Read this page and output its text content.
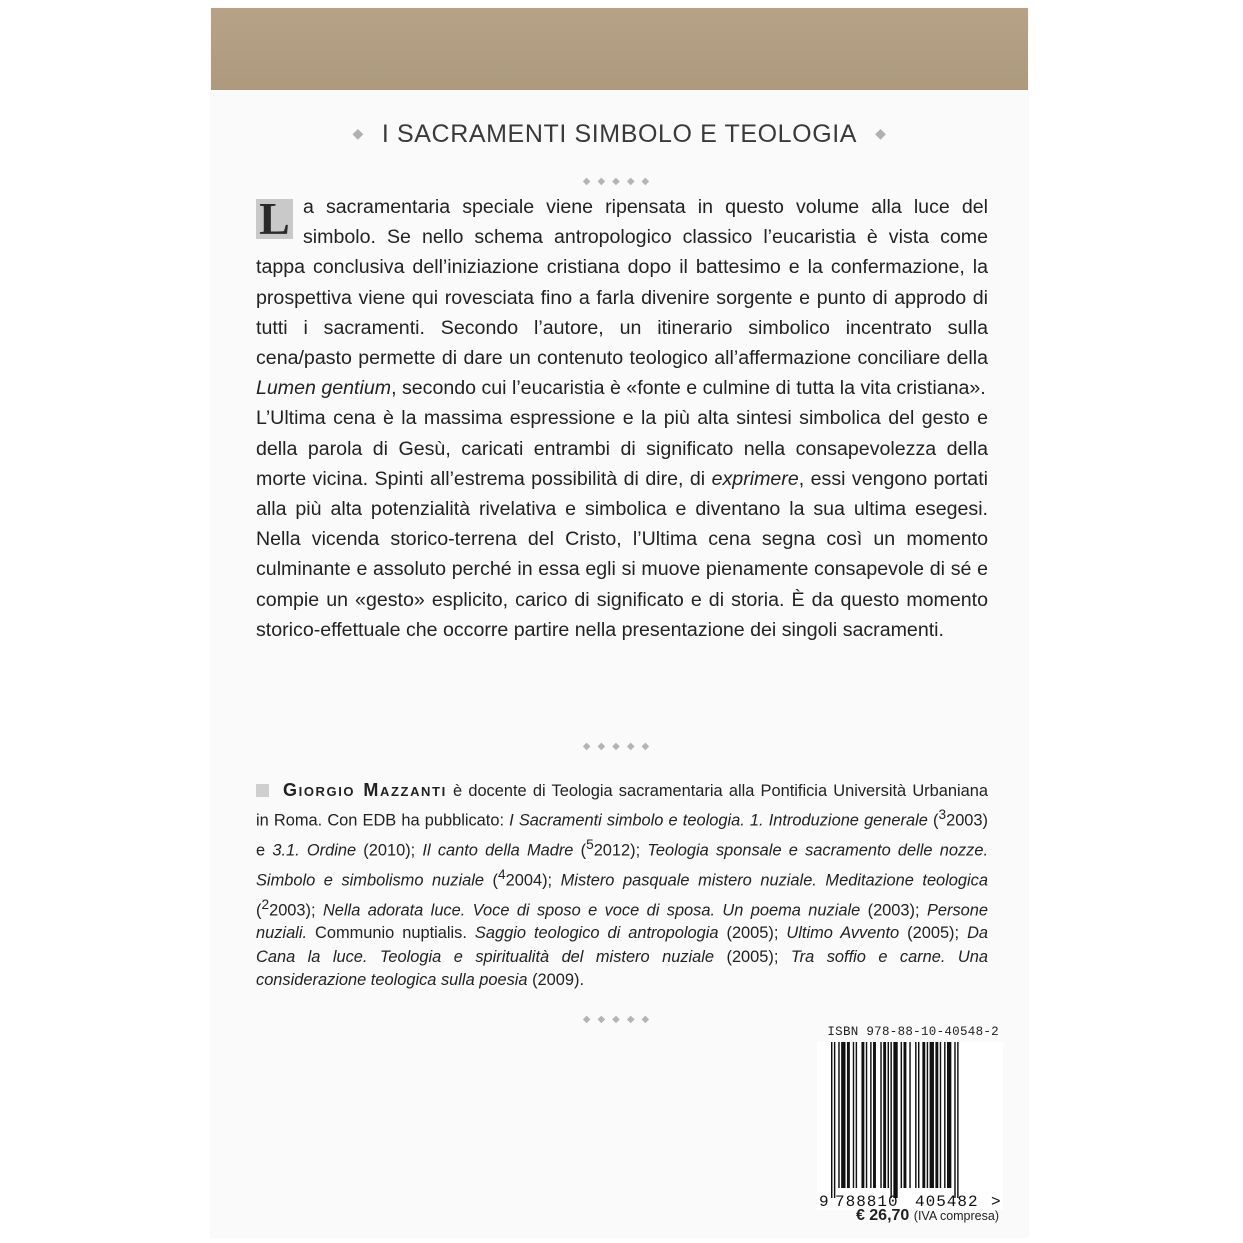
◆ I SACRAMENTI SIMBOLO E TEOLOGIA ◆
◆◆◆◆◆

L a sacramentaria speciale viene ripensata in questo volume alla luce del simbolo. Se nello schema antropologico classico l’eucaristia è vista come tappa conclusiva dell’iniziazione cristiana dopo il battesimo e la confermazione, la prospettiva viene qui rovesciata fino a farla divenire sorgente e punto di approdo di tutti i sacramenti. Secondo l’autore, un itinerario simbolico incentrato sulla cena/pasto permette di dare un contenuto teologico all’affermazione conciliare della Lumen gentium, secondo cui l’eucaristia è «fonte e culmine di tutta la vita cristiana».

L’Ultima cena è la massima espressione e la più alta sintesi simbolica del gesto e della parola di Gesù, caricati entrambi di significato nella consapevolezza della morte vicina. Spinti all’estrema possibilità di dire, di exprimere, essi vengono portati alla più alta potenzialità rivelativa e simbolica e diventano la sua ultima esegesi. Nella vicenda storico-terrena del Cristo, l’Ultima cena segna così un momento culminante e assoluto perché in essa egli si muove pienamente consapevole di sé e compie un «gesto» esplicito, carico di significato e di storia. È da questo momento storico-effettuale che occorre partire nella presentazione dei singoli sacramenti.

◆◆◆◆◆
Giorgio Mazzanti è docente di Teologia sacramentaria alla Pontificia Università Urbaniana in Roma. Con EDB ha pubblicato: I Sacramenti simbolo e teologia. 1. Introduzione generale ($^3$2003) e 3.1. Ordine (2010); Il canto della Madre ($^5$2012); Teologia sponsale e sacramento delle nozze. Simbolo e simbolismo nuziale ($^4$2004); Mistero pasquale mistero nuziale. Meditazione teologica ($^2$2003); Nella adorata luce. Voce di sposo e voce di sposa. Un poema nuziale (2003); Persone nuziali. Communio nuptialis. Saggio teologico di antropologia (2005); Ultimo Avvento (2005); Da Cana la luce. Teologia e spiritualità del mistero nuziale (2005); Tra soffio e carne. Una considerazione teologica sulla poesia (2009).
◆◆◆◆◆
ISBN 978-88-10-40548-2
9 788810 405482 >
€ 26,70 (IVA compresa)
